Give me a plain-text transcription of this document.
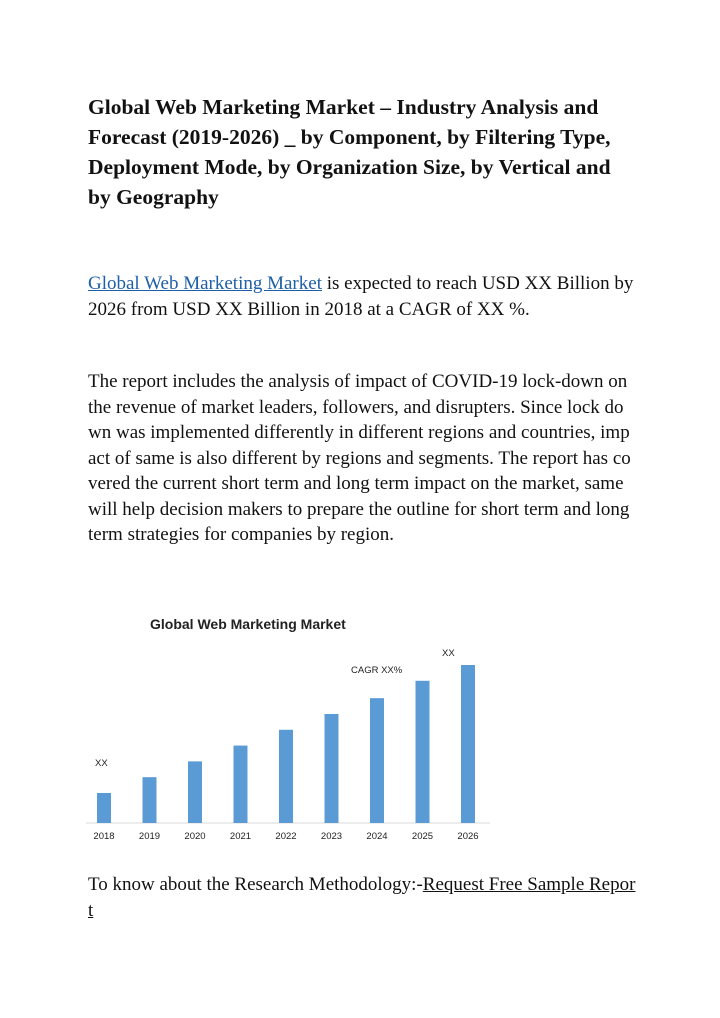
Global Web Marketing Market – Industry Analysis and Forecast (2019-2026) _ by Component, by Filtering Type, Deployment Mode, by Organization Size, by Vertical and by Geography

Global Web Marketing Market is expected to reach USD XX Billion by 2026 from USD XX Billion in 2018 at a CAGR of XX %.

The report includes the analysis of impact of COVID-19 lock-down on the revenue of market leaders, followers, and disrupters. Since lock down was implemented differently in different regions and countries, impact of same is also different by regions and segments. The report has covered the current short term and long term impact on the market, same will help decision makers to prepare the outline for short term and long term strategies for companies by region.

Global Web Marketing Market
2018	2019	2020	2021	2022	2023	2024	2025	2026
XX
CAGR XX%
XX

To know about the Research Methodology:-Request Free Sample Report
